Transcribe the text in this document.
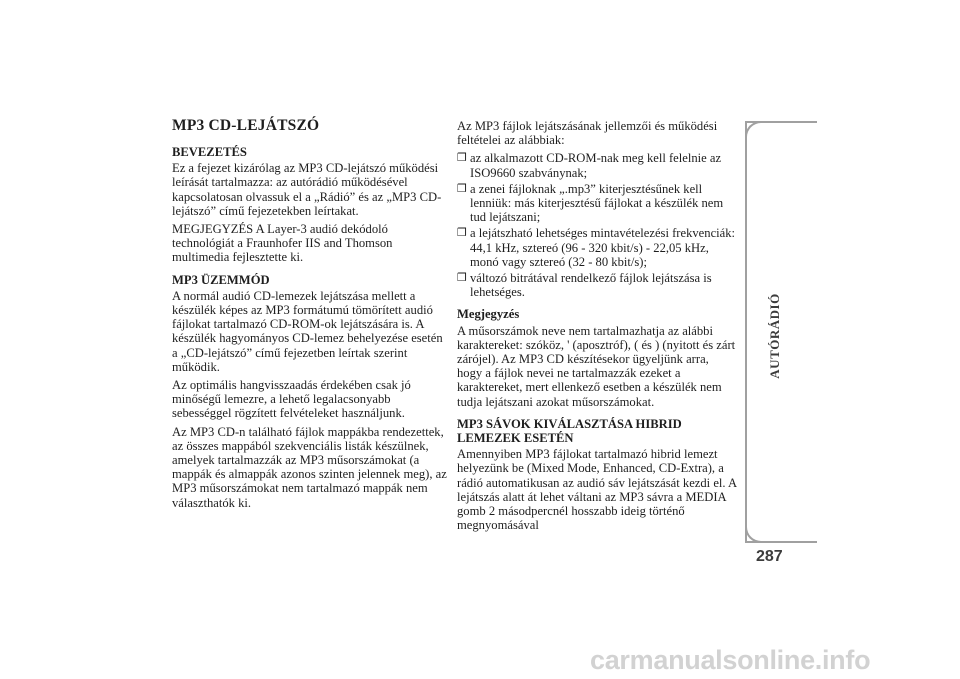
MP3 CD-LEJÁTSZÓ
BEVEZETÉS

Ez a fejezet kizárólag az MP3 CD-lejátszó működési leírását tartalmazza: az autórádió működésével kapcsolatosan olvassuk el a „Rádió” és az „MP3 CD-lejátszó” című fejezetekben leírtakat.

MEGJEGYZÉS A Layer-3 audió dekódoló technológiát a Fraunhofer IIS and Thomson multimedia fejlesztette ki.

MP3 ÜZEMMÓD

A normál audió CD-lemezek lejátszása mellett a készülék képes az MP3 formátumú tömörített audió fájlokat tartalmazó CD-ROM-ok lejátszására is. A készülék hagyományos CD-lemez behelyezése esetén a „CD-lejátszó” című fejezetben leírtak szerint működik.

Az optimális hangvisszaadás érdekében csak jó minőségű lemezre, a lehető legalacsonyabb sebességgel rögzített felvételeket használjunk.

Az MP3 CD-n található fájlok mappákba rendezettek, az összes mappából szekvenciális listák készülnek, amelyek tartalmazzák az MP3 műsorszámokat (a mappák és almappák azonos szinten jelennek meg), az MP3 műsorszámokat nem tartalmazó mappák nem választhatók ki.

Az MP3 fájlok lejátszásának jellemzői és működési feltételei az alábbiak:

❒ az alkalmazott CD-ROM-nak meg kell felelnie az ISO9660 szabványnak;
❒ a zenei fájloknak „.mp3” kiterjesztésűnek kell lenniük: más kiterjesztésű fájlokat a készülék nem tud lejátszani;
❒ a lejátszható lehetséges mintavételezési frekvenciák: 44,1 kHz, sztereó (96 - 320 kbit/s) - 22,05 kHz, monó vagy sztereó (32 - 80 kbit/s);
❒ változó bitrátával rendelkező fájlok lejátszása is lehetséges.
Megjegyzés

A műsorszámok neve nem tartalmazhatja az alábbi karaktereket: szóköz, ' (aposztróf), ( és ) (nyitott és zárt zárójel). Az MP3 CD készítésekor ügyeljünk arra, hogy a fájlok nevei ne tartalmazzák ezeket a karaktereket, mert ellenkező esetben a készülék nem tudja lejátszani azokat műsorszámokat.

MP3 SÁVOK KIVÁLASZTÁSA HIBRID LEMEZEK ESETÉN

Amennyiben MP3 fájlokat tartalmazó hibrid lemezt helyezünk be (Mixed Mode, Enhanced, CD-Extra), a rádió automatikusan az audió sáv lejátszását kezdi el. A lejátszás alatt át lehet váltani az MP3 sávra a MEDIA gomb 2 másodpercnél hosszabb ideig történő megnyomásával

AUTÓRÁDIÓ
287
carmanualsonline.info
